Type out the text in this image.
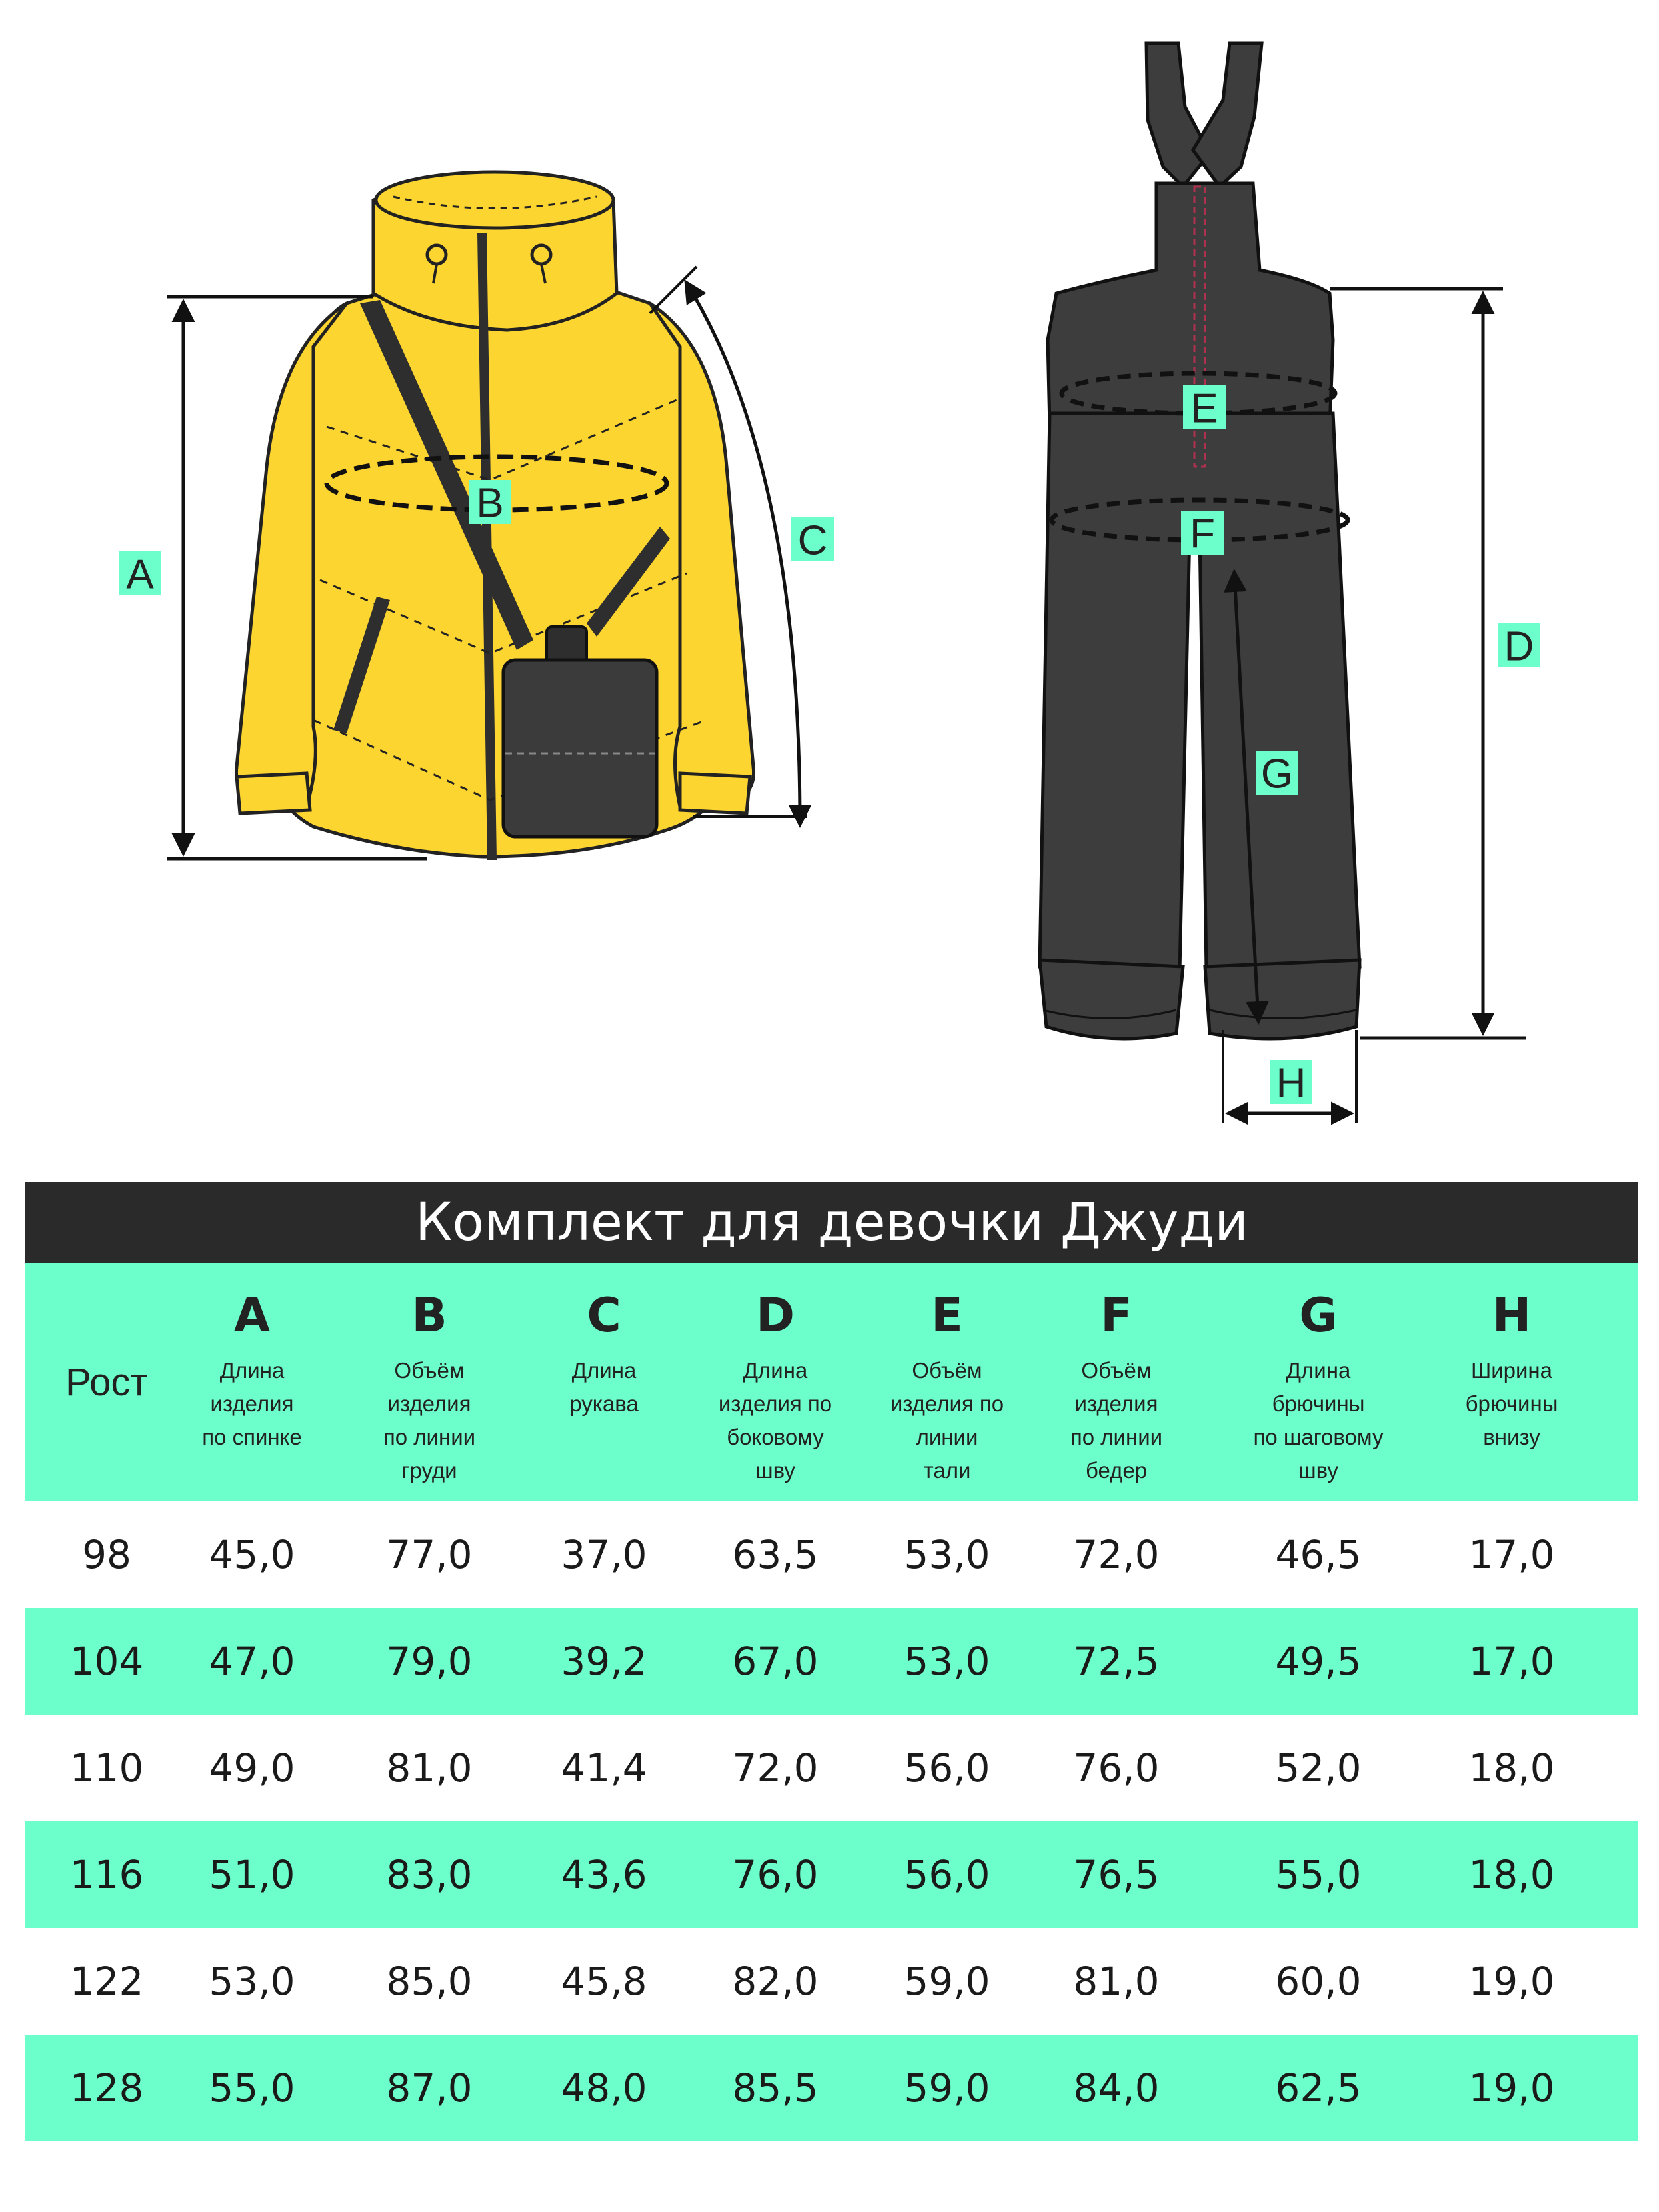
A
B
C
D
E
F
G
H
Комплект для девочки Джуди
Рост
A
Длина
изделия
по спинке
B
Объём
изделия
по линии
груди
C
Длина
рукава
D
Длина
изделия по
боковому
шву
E
Объём
изделия по
линии
тали
F
Объём
изделия
по линии
бедер
G
Длина
брючины
по шаговому
шву
H
Ширина
брючины
внизу
98	45,0	77,0	37,0	63,5	53,0	72,0	46,5	17,0
104	47,0	79,0	39,2	67,0	53,0	72,5	49,5	17,0
110	49,0	81,0	41,4	72,0	56,0	76,0	52,0	18,0
116	51,0	83,0	43,6	76,0	56,0	76,5	55,0	18,0
122	53,0	85,0	45,8	82,0	59,0	81,0	60,0	19,0
128	55,0	87,0	48,0	85,5	59,0	84,0	62,5	19,0
